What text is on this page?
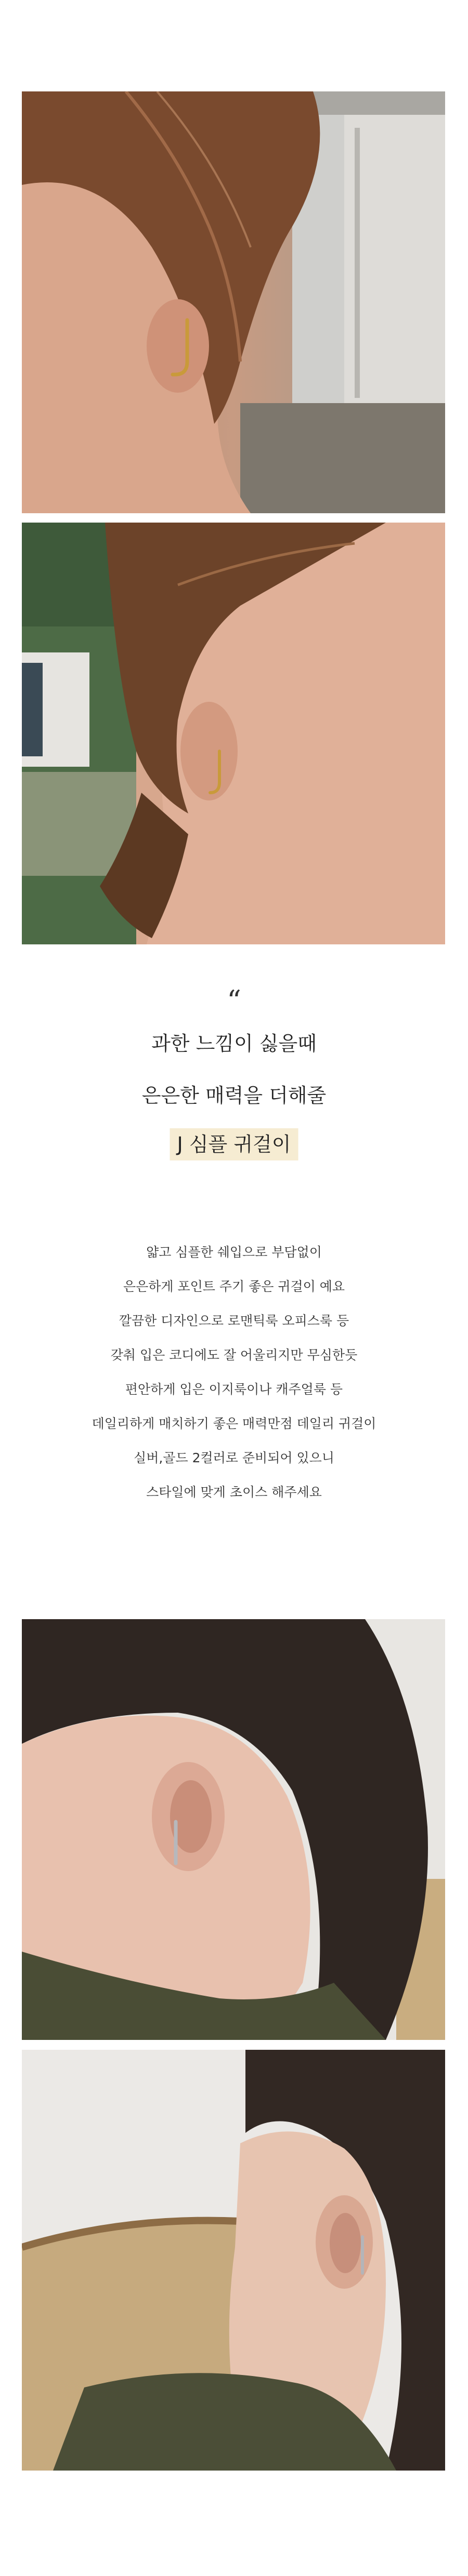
“
과한 느낌이 싫을때
은은한 매력을 더해줄
J 심플 귀걸이
얇고 심플한 쉐입으로 부담없이
은은하게 포인트 주기 좋은 귀걸이 예요
깔끔한 디자인으로 로맨틱룩 오피스룩 등
갖춰 입은 코디에도 잘 어울리지만 무심한듯
편안하게 입은 이지룩이나 캐주얼룩 등
데일리하게 매치하기 좋은 매력만점 데일리 귀걸이
실버,골드 2컬러로 준비되어 있으니
스타일에 맞게 초이스 해주세요
